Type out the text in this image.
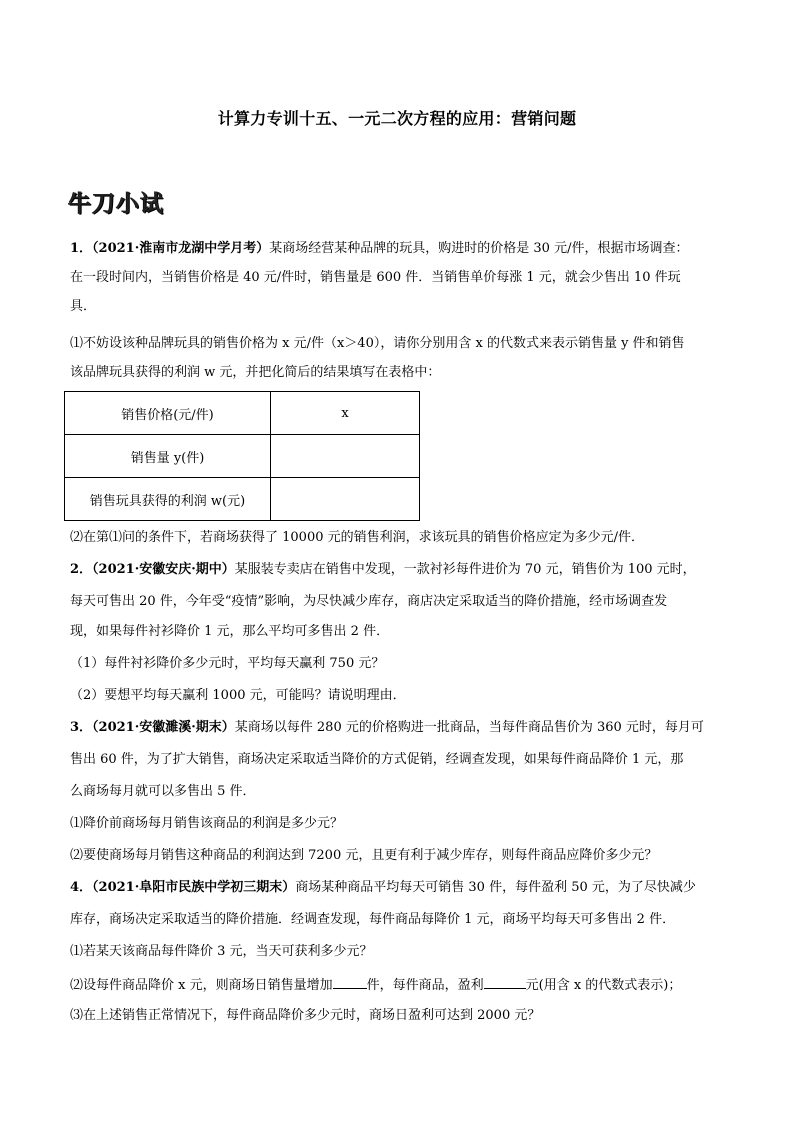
计算力专训十五、一元二次方程的应用：营销问题
牛刀小试
1．（2021·淮南市龙湖中学月考）某商场经营某种品牌的玩具，购进时的价格是 30 元/件，根据市场调查：
在一段时间内，当销售价格是 40 元/件时，销售量是 600 件．当销售单价每涨 1 元，就会少售出 10 件玩
具．
⑴不妨设该种品牌玩具的销售价格为 x 元/件（x＞40），请你分别用含 x 的代数式来表示销售量 y 件和销售
该品牌玩具获得的利润 w 元，并把化简后的结果填写在表格中：
销售价格(元/件)	x
销售量 y(件)	
销售玩具获得的利润 w(元)	
⑵在第⑴问的条件下，若商场获得了 10000 元的销售利润，求该玩具的销售价格应定为多少元/件．
2．（2021·安徽安庆·期中）某服装专卖店在销售中发现，一款衬衫每件进价为 70 元，销售价为 100 元时，
每天可售出 20 件，今年受“疫情”影响，为尽快减少库存，商店决定采取适当的降价措施，经市场调查发
现，如果每件衬衫降价 1 元，那么平均可多售出 2 件．
（1）每件衬衫降价多少元时，平均每天赢利 750 元？
（2）要想平均每天赢利 1000 元，可能吗？请说明理由．
3．（2021·安徽濉溪·期末）某商场以每件 280 元的价格购进一批商品，当每件商品售价为 360 元时，每月可
售出 60 件，为了扩大销售，商场决定采取适当降价的方式促销，经调查发现，如果每件商品降价 1 元，那
么商场每月就可以多售出 5 件．
⑴降价前商场每月销售该商品的利润是多少元？
⑵要使商场每月销售这种商品的利润达到 7200 元，且更有利于减少库存，则每件商品应降价多少元？
4．（2021·阜阳市民族中学初三期末）商场某种商品平均每天可销售 30 件，每件盈利 50 元，为了尽快减少
库存，商场决定采取适当的降价措施．经调查发现，每件商品每降价 1 元，商场平均每天可多售出 2 件．
⑴若某天该商品每件降价 3 元，当天可获利多少元？
⑵设每件商品降价 x 元，则商场日销售量增加	件，每件商品，盈利	元(用含 x 的代数式表示)；
⑶在上述销售正常情况下，每件商品降价多少元时，商场日盈利可达到 2000 元？
